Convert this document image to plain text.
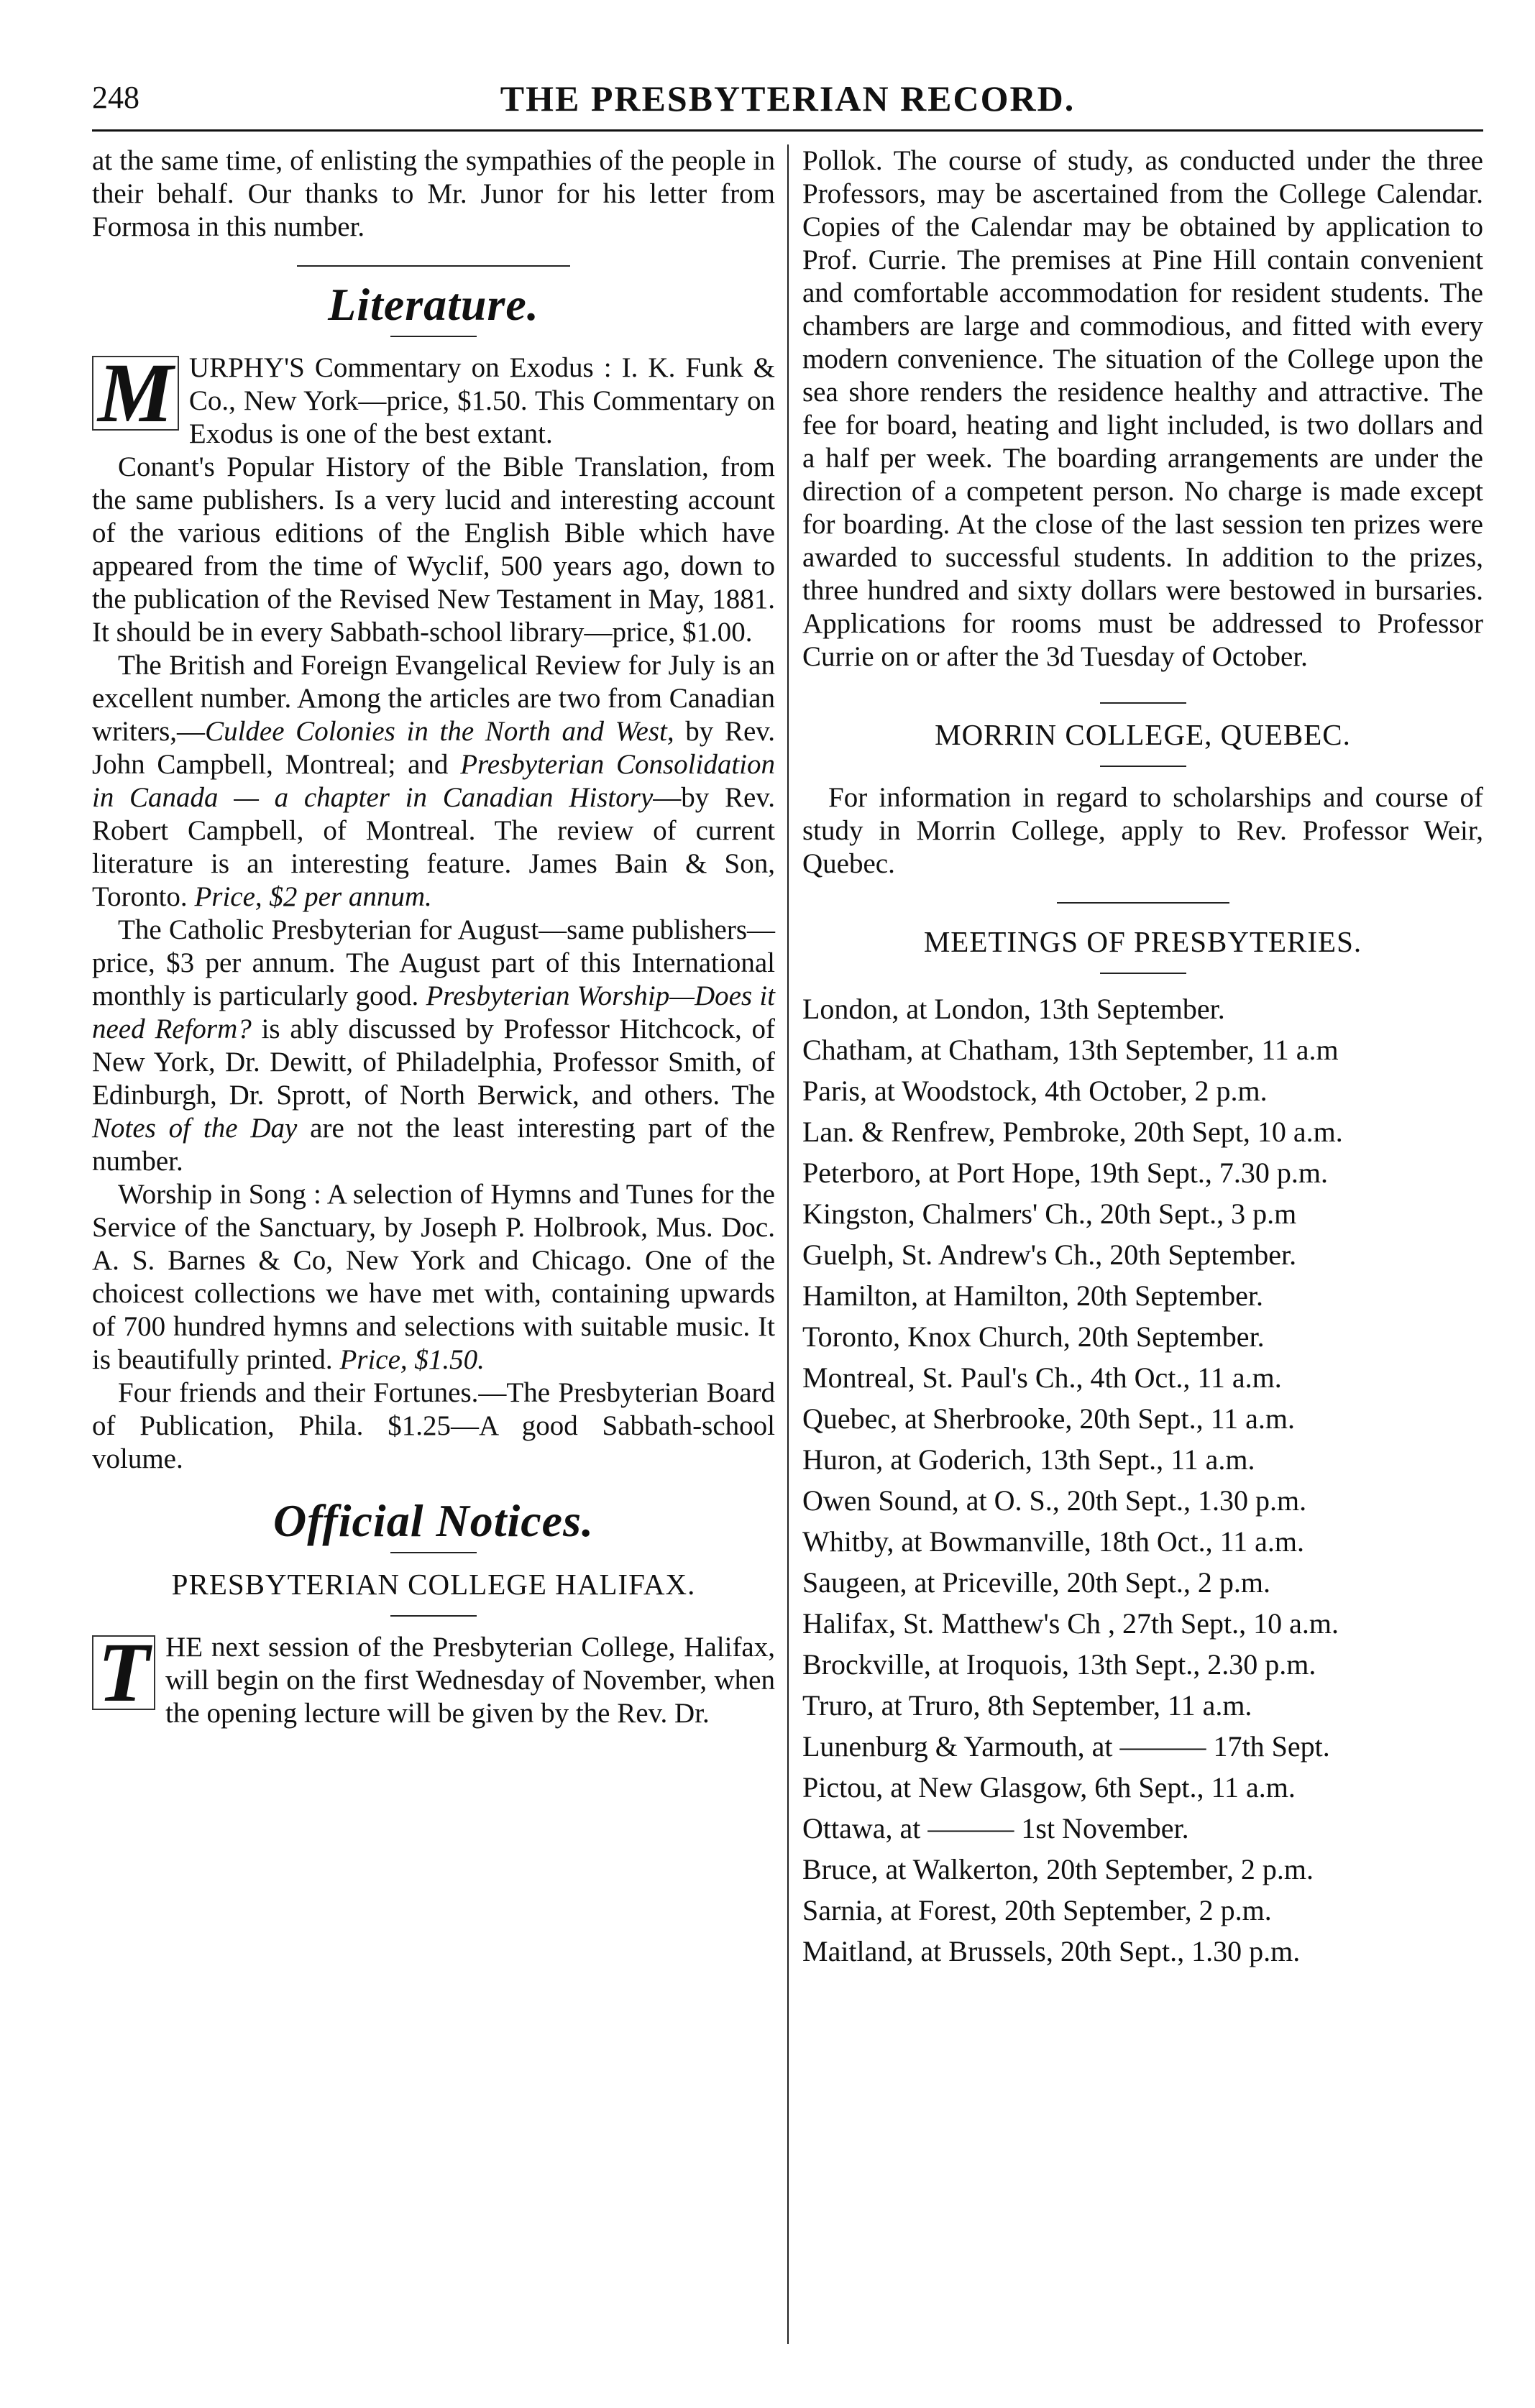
248	THE PRESBYTERIAN RECORD.

at the same time, of enlisting the sympathies of the people in their behalf. Our thanks to Mr. Junor for his letter from Formosa in this number.

Literature.

M URPHY'S Commentary on Exodus : I. K. Funk & Co., New York—price, $1.50. This Commentary on Exodus is one of the best extant.

Conant's Popular History of the Bible Translation, from the same publishers. Is a very lucid and interesting account of the various editions of the English Bible which have appeared from the time of Wyclif, 500 years ago, down to the publication of the Revised New Testament in May, 1881. It should be in every Sabbath-school library—price, $1.00.

The British and Foreign Evangelical Review for July is an excellent number. Among the articles are two from Canadian writers,—Culdee Colonies in the North and West, by Rev. John Campbell, Montreal; and Presbyterian Consolidation in Canada — a chapter in Canadian History—by Rev. Robert Campbell, of Montreal. The review of current literature is an interesting feature. James Bain & Son, Toronto. Price, $2 per annum.

The Catholic Presbyterian for August—same publishers—price, $3 per annum. The August part of this International monthly is particularly good. Presbyterian Worship—Does it need Reform? is ably discussed by Professor Hitchcock, of New York, Dr. Dewitt, of Philadelphia, Professor Smith, of Edinburgh, Dr. Sprott, of North Berwick, and others. The Notes of the Day are not the least interesting part of the number.

Worship in Song : A selection of Hymns and Tunes for the Service of the Sanctuary, by Joseph P. Holbrook, Mus. Doc. A. S. Barnes & Co, New York and Chicago. One of the choicest collections we have met with, containing upwards of 700 hundred hymns and selections with suitable music. It is beautifully printed. Price, $1.50.

Four friends and their Fortunes.—The Presbyterian Board of Publication, Phila. $1.25—A good Sabbath-school volume.

Official Notices.
PRESBYTERIAN COLLEGE HALIFAX.

T HE next session of the Presbyterian College, Halifax, will begin on the first Wednesday of November, when the opening lecture will be given by the Rev. Dr.

Pollok. The course of study, as conducted under the three Professors, may be ascertained from the College Calendar. Copies of the Calendar may be obtained by application to Prof. Currie. The premises at Pine Hill contain convenient and comfortable accommodation for resident students. The chambers are large and commodious, and fitted with every modern convenience. The situation of the College upon the sea shore renders the residence healthy and attractive. The fee for board, heating and light included, is two dollars and a half per week. The boarding arrangements are under the direction of a competent person. No charge is made except for boarding. At the close of the last session ten prizes were awarded to successful students. In addition to the prizes, three hundred and sixty dollars were bestowed in bursaries. Applications for rooms must be addressed to Professor Currie on or after the 3d Tuesday of October.

MORRIN COLLEGE, QUEBEC.

For information in regard to scholarships and course of study in Morrin College, apply to Rev. Professor Weir, Quebec.

MEETINGS OF PRESBYTERIES.

London, at London, 13th September.

Chatham, at Chatham, 13th September, 11 a.m

Paris, at Woodstock, 4th October, 2 p.m.

Lan. & Renfrew, Pembroke, 20th Sept, 10 a.m.

Peterboro, at Port Hope, 19th Sept., 7.30 p.m.

Kingston, Chalmers' Ch., 20th Sept., 3 p.m

Guelph, St. Andrew's Ch., 20th September.

Hamilton, at Hamilton, 20th September.

Toronto, Knox Church, 20th September.

Montreal, St. Paul's Ch., 4th Oct., 11 a.m.

Quebec, at Sherbrooke, 20th Sept., 11 a.m.

Huron, at Goderich, 13th Sept., 11 a.m.

Owen Sound, at O. S., 20th Sept., 1.30 p.m.

Whitby, at Bowmanville, 18th Oct., 11 a.m.

Saugeen, at Priceville, 20th Sept., 2 p.m.

Halifax, St. Matthew's Ch , 27th Sept., 10 a.m.

Brockville, at Iroquois, 13th Sept., 2.30 p.m.

Truro, at Truro, 8th September, 11 a.m.

Lunenburg & Yarmouth, at ——— 17th Sept.

Pictou, at New Glasgow, 6th Sept., 11 a.m.

Ottawa, at ——— 1st November.

Bruce, at Walkerton, 20th September, 2 p.m.

Sarnia, at Forest, 20th September, 2 p.m.

Maitland, at Brussels, 20th Sept., 1.30 p.m.
